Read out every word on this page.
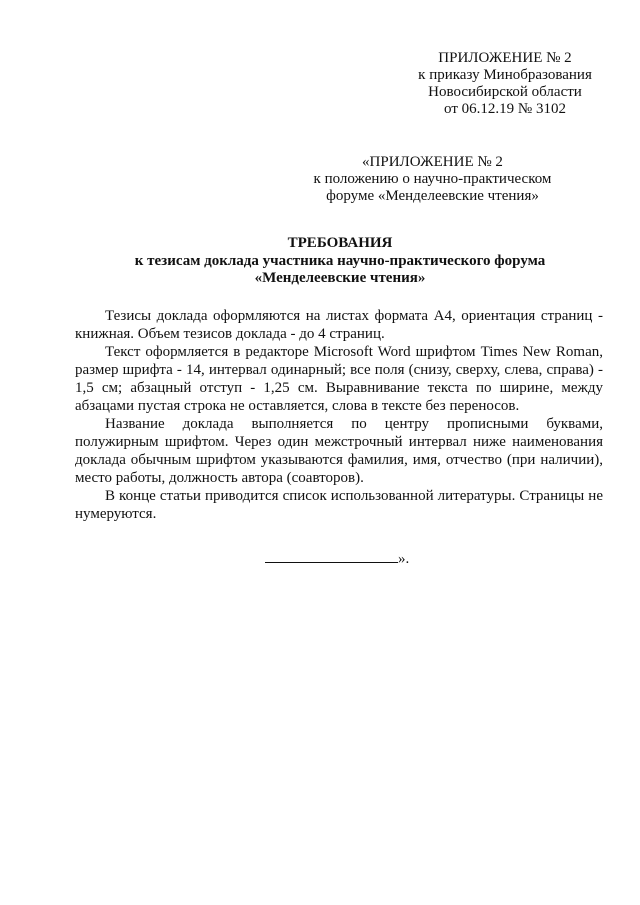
ПРИЛОЖЕНИЕ № 2
к приказу Минобразования
Новосибирской области
от 06.12.19 № 3102
«ПРИЛОЖЕНИЕ № 2
к положению о научно-практическом
форуме «Менделеевские чтения»
ТРЕБОВАНИЯ
к тезисам доклада участника научно-практического форума
«Менделеевские чтения»

Тезисы доклада оформляются на листах формата А4, ориентация страниц - книжная. Объем тезисов доклада - до 4 страниц.

Текст оформляется в редакторе Microsoft Word шрифтом Times New Roman, размер шрифта - 14, интервал одинарный; все поля (снизу, сверху, слева, справа) - 1,5 см; абзацный отступ - 1,25 см. Выравнивание текста по ширине, между абзацами пустая строка не оставляется, слова в тексте без переносов.

Название доклада выполняется по центру прописными буквами, полужирным шрифтом. Через один межстрочный интервал ниже наименования доклада обычным шрифтом указываются фамилия, имя, отчество (при наличии), место работы, должность автора (соавторов).

В конце статьи приводится список использованной литературы. Страницы не нумеруются.

».
